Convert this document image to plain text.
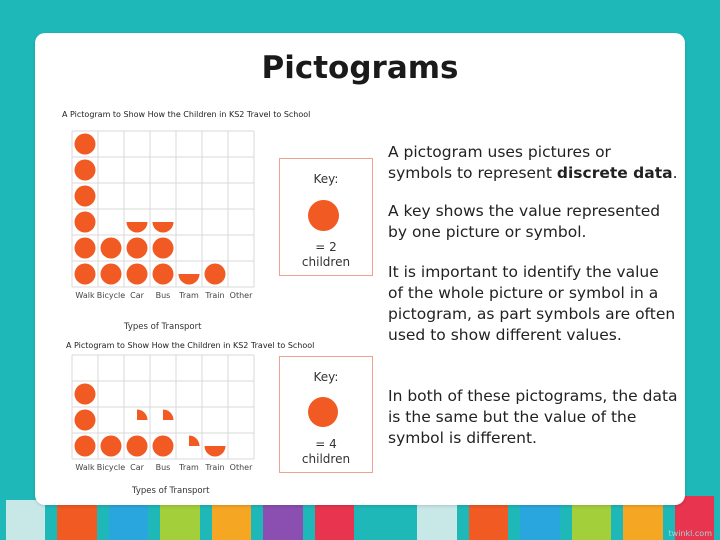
Pictograms
A Pictogram to Show How the Children in KS2 Travel to School
Walk Bicycle Car Bus Tram Train Other
Types of Transport
Key:
= 2 children
A Pictogram to Show How the Children in KS2 Travel to School
Walk Bicycle Car Bus Tram Train Other
Types of Transport
Key:
= 4 children
A pictogram uses pictures or symbols to represent discrete data.
A key shows the value represented by one picture or symbol.
It is important to identify the value of the whole picture or symbol in a pictogram, as part symbols are often used to show different values.
In both of these pictograms, the data is the same but the value of the symbol is different.
twinkl.com
